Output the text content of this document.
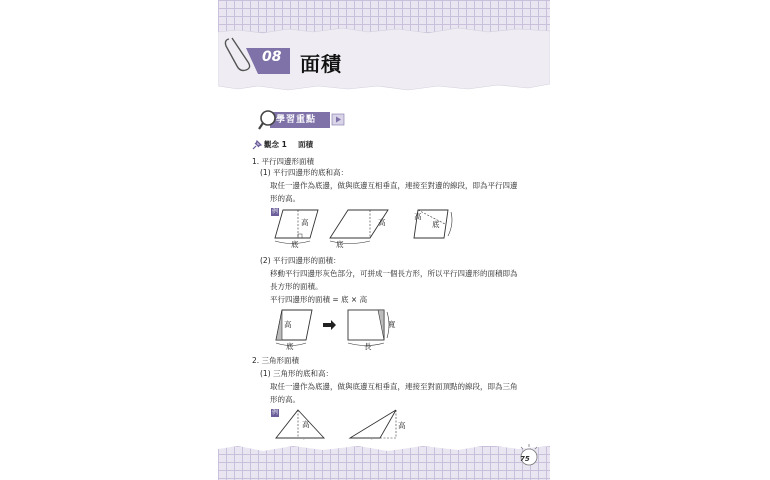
08 面積
學習重點
觀念 1 面積
1. 平行四邊形面積
(1) 平行四邊形的底和高：
取任一邊作為底邊，做與底邊互相垂直，連接至對邊的線段，即為平行四邊
形的高。
例
高
底	底
高
高
底
(2) 平行四邊形的面積：
移動平行四邊形灰色部分，可拼成一個長方形，所以平行四邊形的面積即為
長方形的面積。
平行四邊形的面積 = 底 × 高
高
底
寬
長
2. 三角形面積
(1) 三角形的底和高：
取任一邊作為底邊，做與底邊互相垂直，連接至對面頂點的線段，即為三角
形的高。
例
高	高
75
